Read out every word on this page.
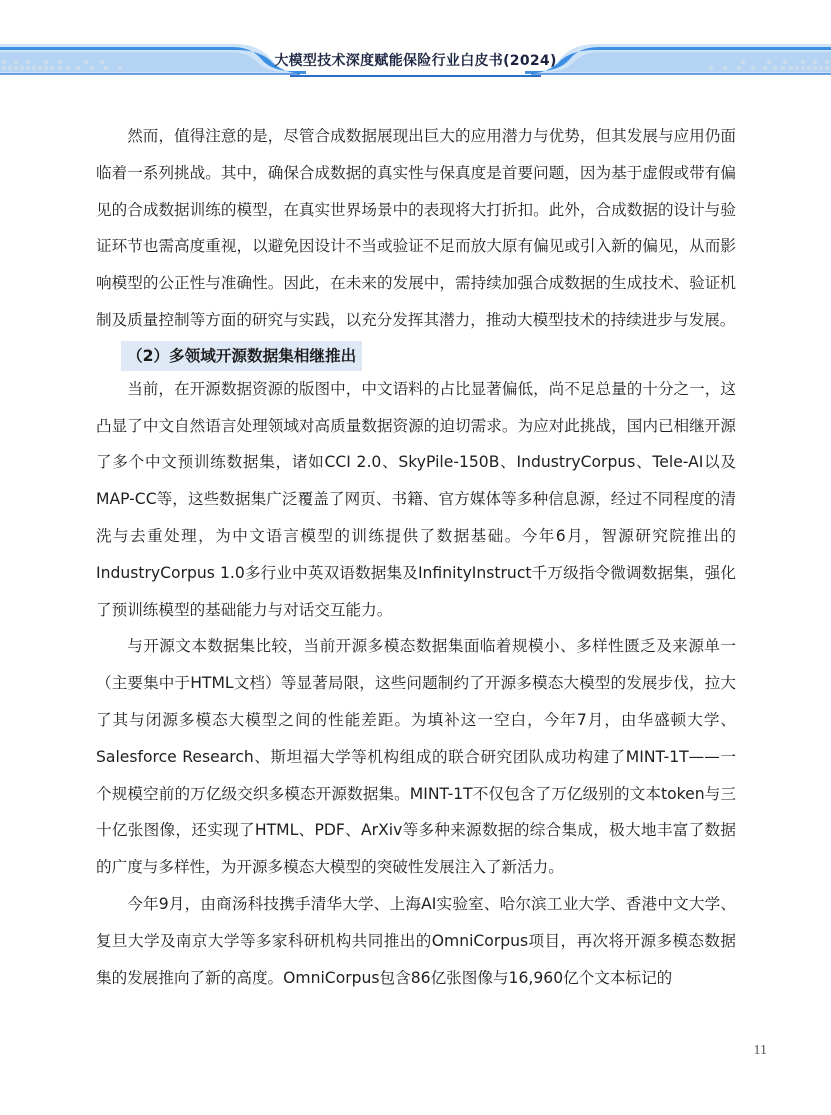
大模型技术深度赋能保险行业白皮书(2024)

然而，值得注意的是，尽管合成数据展现出巨大的应用潜力与优势，但其发展与应用仍面临着一系列挑战。其中，确保合成数据的真实性与保真度是首要问题，因为基于虚假或带有偏见的合成数据训练的模型，在真实世界场景中的表现将大打折扣。此外，合成数据的设计与验证环节也需高度重视，以避免因设计不当或验证不足而放大原有偏见或引入新的偏见，从而影响模型的公正性与准确性。因此，在未来的发展中，需持续加强合成数据的生成技术、验证机制及质量控制等方面的研究与实践，以充分发挥其潜力，推动大模型技术的持续进步与发展。

（2）多领域开源数据集相继推出

当前，在开源数据资源的版图中，中文语料的占比显著偏低，尚不足总量的十分之一，这凸显了中文自然语言处理领域对高质量数据资源的迫切需求。为应对此挑战，国内已相继开源了多个中文预训练数据集，诸如CCI 2.0、SkyPile-150B、IndustryCorpus、Tele-AI以及MAP-CC等，这些数据集广泛覆盖了网页、书籍、官方媒体等多种信息源，经过不同程度的清洗与去重处理，为中文语言模型的训练提供了数据基础。今年6月，智源研究院推出的IndustryCorpus 1.0多行业中英双语数据集及InfinityInstruct千万级指令微调数据集，强化了预训练模型的基础能力与对话交互能力。

与开源文本数据集比较，当前开源多模态数据集面临着规模小、多样性匮乏及来源单一（主要集中于HTML文档）等显著局限，这些问题制约了开源多模态大模型的发展步伐，拉大了其与闭源多模态大模型之间的性能差距。为填补这一空白，今年7月，由华盛顿大学、Salesforce Research、斯坦福大学等机构组成的联合研究团队成功构建了MINT-1T——一个规模空前的万亿级交织多模态开源数据集。MINT-1T不仅包含了万亿级别的文本token与三十亿张图像，还实现了HTML、PDF、ArXiv等多种来源数据的综合集成，极大地丰富了数据的广度与多样性，为开源多模态大模型的突破性发展注入了新活力。

今年9月，由商汤科技携手清华大学、上海AI实验室、哈尔滨工业大学、香港中文大学、复旦大学及南京大学等多家科研机构共同推出的OmniCorpus项目，再次将开源多模态数据集的发展推向了新的高度。OmniCorpus包含86亿张图像与16,960亿个文本标记的

11
